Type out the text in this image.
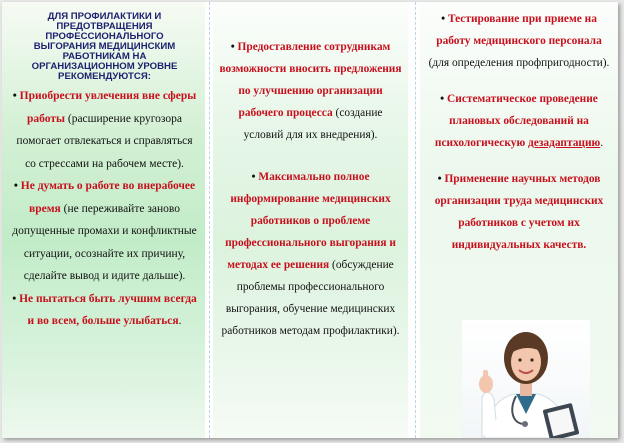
ДЛЯ ПРОФИЛАКТИКИ И ПРЕДОТВРАЩЕНИЯ ПРОФЕССИОНАЛЬНОГО ВЫГОРАНИЯ МЕДИЦИНСКИМ РАБОТНИКАМ НА ОРГАНИЗАЦИОННОМ УРОВНЕ РЕКОМЕНДУЮТСЯ:

• Приобрести увлечения вне сферы работы (расширение кругозора помогает отвлекаться и справляться со стрессами на рабочем месте).

• Не думать о работе во внерабочее время (не переживайте заново допущенные промахи и конфликтные ситуации, осознайте их причину, сделайте вывод и идите дальше).

• Не пытаться быть лучшим всегда и во всем, больше улыбаться.

• Предоставление сотрудникам возможности вносить предложения по улучшению организации рабочего процесса (создание условий для их внедрения).

• Максимально полное информирование медицинских работников о проблеме профессионального выгорания и методах ее решения (обсуждение проблемы профессионального выгорания, обучение медицинских работников методам профилактики).

• Тестирование при приеме на работу медицинского персонала (для определения профпригодности).

• Систематическое проведение плановых обследований на психологическую дезадаптацию.

• Применение научных методов организации труда медицинских работников с учетом их индивидуальных качеств.
